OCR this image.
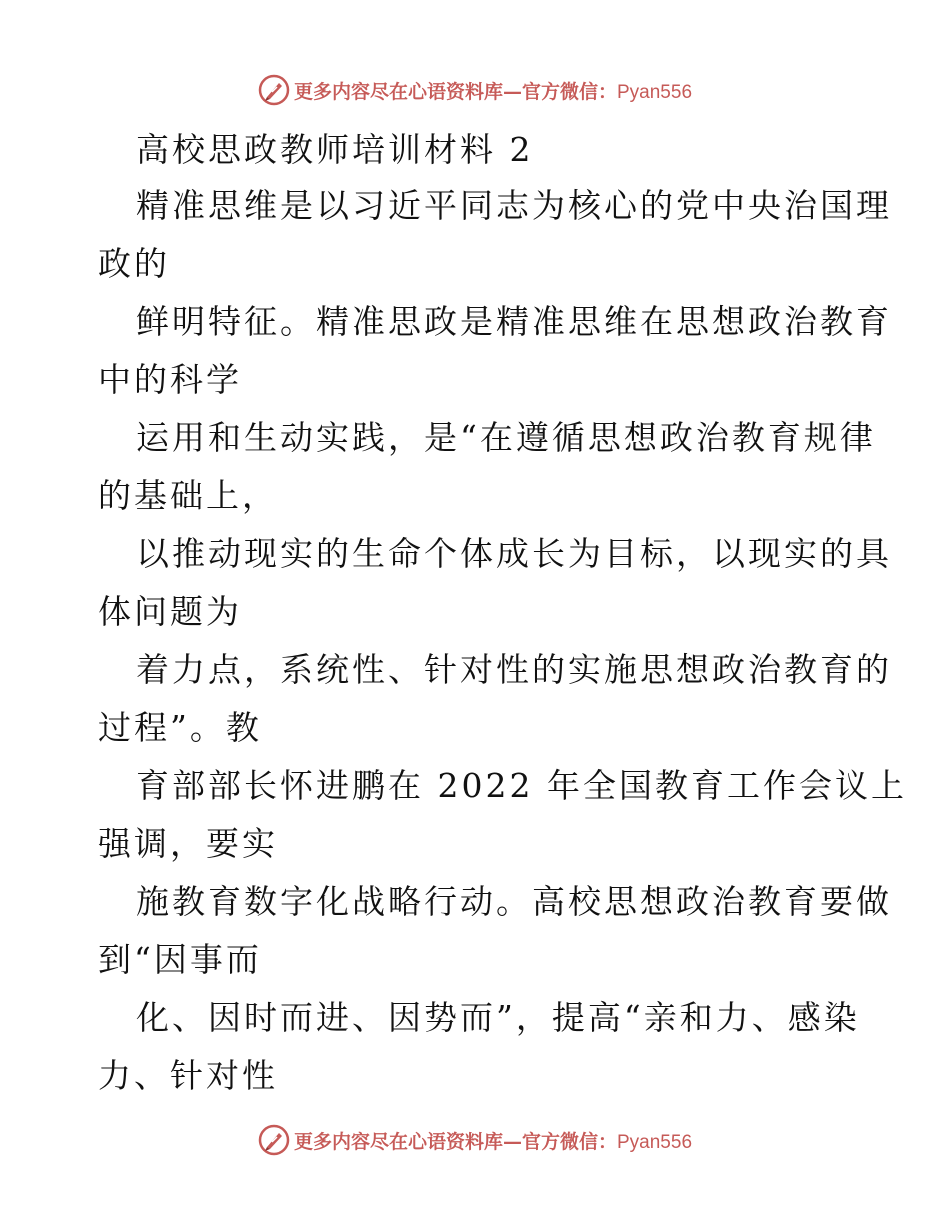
更多内容尽在心语资料库—官方微信：Pyan556
高校思政教师培训材料 2
精准思维是以习近平同志为核心的党中央治国理
政的
鲜明特征。精准思政是精准思维在思想政治教育
中的科学
运用和生动实践，是“在遵循思想政治教育规律
的基础上，
以推动现实的生命个体成长为目标，以现实的具
体问题为
着力点，系统性、针对性的实施思想政治教育的
过程”。教
育部部长怀进鹏在 2022 年全国教育工作会议上
强调，要实
施教育数字化战略行动。高校思想政治教育要做
到“因事而
化、因时而进、因势而”，提高“亲和力、感染
力、针对性
更多内容尽在心语资料库—官方微信：Pyan556
